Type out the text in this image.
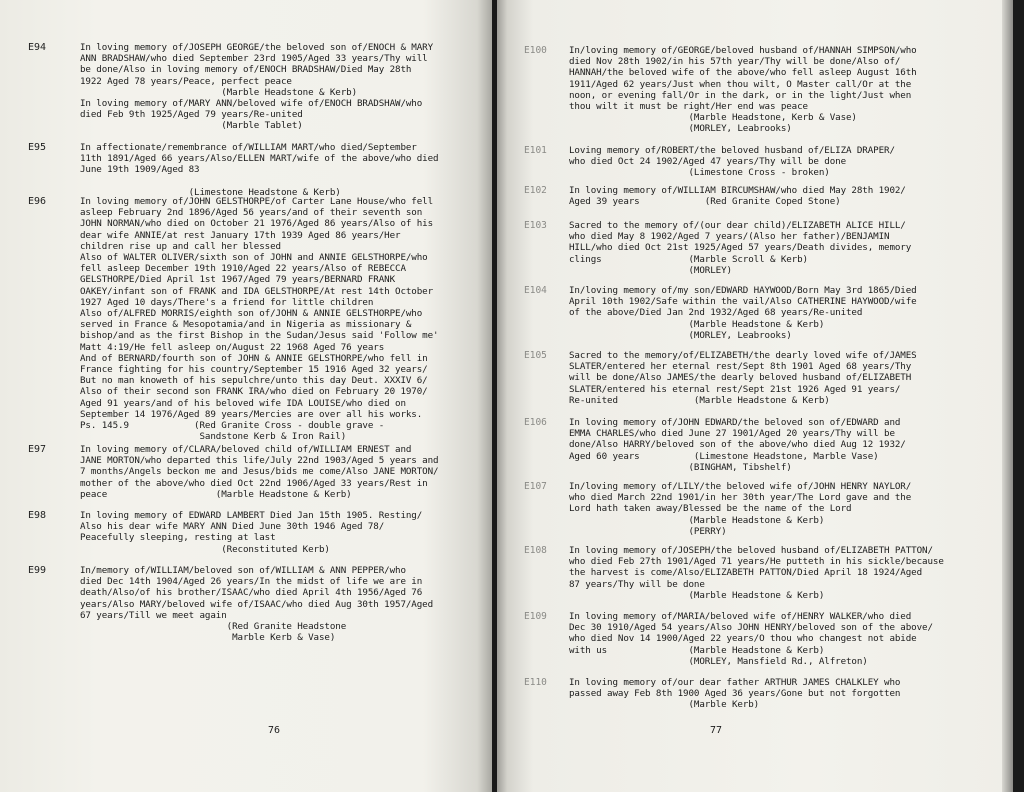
76
E94	In loving memory of/JOSEPH GEORGE/the beloved son of/ENOCH & MARY
ANN BRADSHAW/who died September 23rd 1905/Aged 33 years/Thy will
be done/Also in loving memory of/ENOCH BRADSHAW/Died May 28th
1922 Aged 78 years/Peace, perfect peace
(Marble Headstone & Kerb)
In loving memory of/MARY ANN/beloved wife of/ENOCH BRADSHAW/who
died Feb 9th 1925/Aged 79 years/Re-united
(Marble Tablet)
E95	In affectionate/remembrance of/WILLIAM MART/who died/September
11th 1891/Aged 66 years/Also/ELLEN MART/wife of the above/who died
June 19th 1909/Aged 83
(Limestone Headstone & Kerb)
E96	In loving memory of/JOHN GELSTHORPE/of Carter Lane House/who fell
asleep February 2nd 1896/Aged 56 years/and of their seventh son
JOHN NORMAN/who died on October 21 1976/Aged 86 years/Also of his
dear wife ANNIE/at rest January 17th 1939 Aged 86 years/Her
children rise up and call her blessed
Also of WALTER OLIVER/sixth son of JOHN and ANNIE GELSTHORPE/who
fell asleep December 19th 1910/Aged 22 years/Also of REBECCA
GELSTHORPE/Died April 1st 1967/Aged 79 years/BERNARD FRANK
OAKEY/infant son of FRANK and IDA GELSTHORPE/At rest 14th October
1927 Aged 10 days/There's a friend for little children
Also of/ALFRED MORRIS/eighth son of/JOHN & ANNIE GELSTHORPE/who
served in France & Mesopotamia/and in Nigeria as missionary &
bishop/and as the first Bishop in the Sudan/Jesus said 'Follow me'
Matt 4:19/He fell asleep on/August 22 1968 Aged 76 years
And of BERNARD/fourth son of JOHN & ANNIE GELSTHORPE/who fell in
France fighting for his country/September 15 1916 Aged 32 years/
But no man knoweth of his sepulchre/unto this day Deut. XXXIV 6/
Also of their second son FRANK IRA/who died on February 20 1970/
Aged 91 years/and of his beloved wife IDA LOUISE/who died on
September 14 1976/Aged 89 years/Mercies are over all his works.
Ps. 145.9            (Red Granite Cross - double grave -
Sandstone Kerb & Iron Rail)
E97	In loving memory of/CLARA/beloved child of/WILLIAM ERNEST and
JANE MORTON/who departed this life/July 22nd 1903/Aged 5 years and
7 months/Angels beckon me and Jesus/bids me come/Also JANE MORTON/
mother of the above/who died Oct 22nd 1906/Aged 33 years/Rest in
peace                    (Marble Headstone & Kerb)
E98	In loving memory of EDWARD LAMBERT Died Jan 15th 1905. Resting/
Also his dear wife MARY ANN Died June 30th 1946 Aged 78/
Peacefully sleeping, resting at last
(Reconstituted Kerb)
E99	In/memory of/WILLIAM/beloved son of/WILLIAM & ANN PEPPER/who
died Dec 14th 1904/Aged 26 years/In the midst of life we are in
death/Also/of his brother/ISAAC/who died April 4th 1956/Aged 76
years/Also MARY/beloved wife of/ISAAC/who died Aug 30th 1957/Aged
67 years/Till we meet again
(Red Granite Headstone
Marble Kerb & Vase)
77
E100 In/loving memory of/GEORGE/beloved husband of/HANNAH SIMPSON/who
died Nov 28th 1902/in his 57th year/Thy will be done/Also of/
HANNAH/the beloved wife of the above/who fell asleep August 16th
1911/Aged 62 years/Just when thou wilt, O Master call/Or at the
noon, or evening fall/Or in the dark, or in the light/Just when
thou wilt it must be right/Her end was peace
(Marble Headstone, Kerb & Vase)
(MORLEY, Leabrooks)
E101 Loving memory of/ROBERT/the beloved husband of/ELIZA DRAPER/
who died Oct 24 1902/Aged 47 years/Thy will be done
(Limestone Cross - broken)
E102 In loving memory of/WILLIAM BIRCUMSHAW/who died May 28th 1902/
Aged 39 years            (Red Granite Coped Stone)
E103 Sacred to the memory of/(our dear child)/ELIZABETH ALICE HILL/
who died May 8 1902/Aged 7 years/(Also her father)/BENJAMIN
HILL/who died Oct 21st 1925/Aged 57 years/Death divides, memory
clings                (Marble Scroll & Kerb)
(MORLEY)
E104 In/loving memory of/my son/EDWARD HAYWOOD/Born May 3rd 1865/Died
April 10th 1902/Safe within the vail/Also CATHERINE HAYWOOD/wife
of the above/Died Jan 2nd 1932/Aged 68 years/Re-united
(Marble Headstone & Kerb)
(MORLEY, Leabrooks)
E105 Sacred to the memory/of/ELIZABETH/the dearly loved wife of/JAMES
SLATER/entered her eternal rest/Sept 8th 1901 Aged 68 years/Thy
will be done/Also JAMES/the dearly beloved husband of/ELIZABETH
SLATER/entered his eternal rest/Sept 21st 1926 Aged 91 years/
Re-united              (Marble Headstone & Kerb)
E106 In loving memory of/JOHN EDWARD/the beloved son of/EDWARD and
EMMA CHARLES/who died June 27 1901/Aged 20 years/Thy will be
done/Also HARRY/beloved son of the above/who died Aug 12 1932/
Aged 60 years          (Limestone Headstone, Marble Vase)
(BINGHAM, Tibshelf)
E107 In/loving memory of/LILY/the beloved wife of/JOHN HENRY NAYLOR/
who died March 22nd 1901/in her 30th year/The Lord gave and the
Lord hath taken away/Blessed be the name of the Lord
(Marble Headstone & Kerb)
(PERRY)
E108 In loving memory of/JOSEPH/the beloved husband of/ELIZABETH PATTON/
who died Feb 27th 1901/Aged 71 years/He putteth in his sickle/because
the harvest is come/Also/ELIZABETH PATTON/Died April 18 1924/Aged
87 years/Thy will be done
(Marble Headstone & Kerb)
E109 In loving memory of/MARIA/beloved wife of/HENRY WALKER/who died
Dec 30 1910/Aged 54 years/Also JOHN HENRY/beloved son of the above/
who died Nov 14 1900/Aged 22 years/O thou who changest not abide
with us               (Marble Headstone & Kerb)
(MORLEY, Mansfield Rd., Alfreton)
E110 In loving memory of/our dear father ARTHUR JAMES CHALKLEY who
passed away Feb 8th 1900 Aged 36 years/Gone but not forgotten
(Marble Kerb)
